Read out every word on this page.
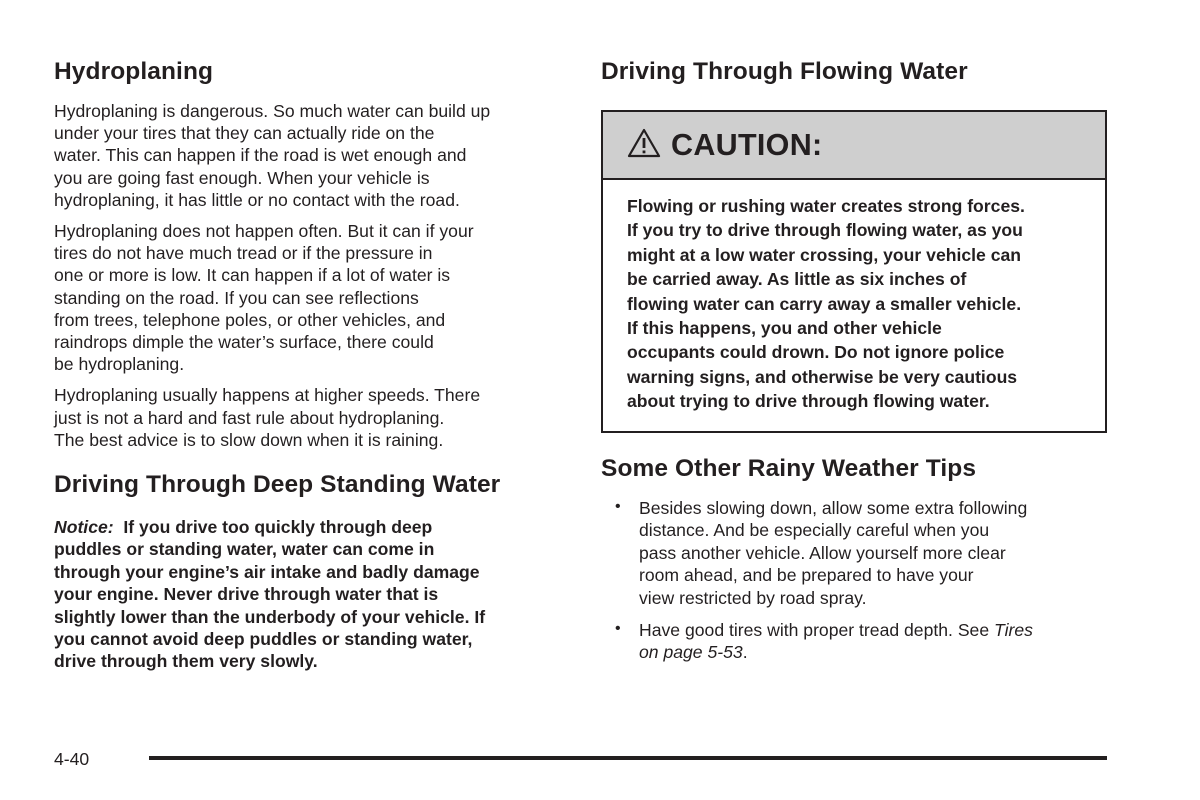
Hydroplaning

Hydroplaning is dangerous. So much water can build up
under your tires that they can actually ride on the
water. This can happen if the road is wet enough and
you are going fast enough. When your vehicle is
hydroplaning, it has little or no contact with the road.

Hydroplaning does not happen often. But it can if your
tires do not have much tread or if the pressure in
one or more is low. It can happen if a lot of water is
standing on the road. If you can see reflections
from trees, telephone poles, or other vehicles, and
raindrops dimple the water’s surface, there could
be hydroplaning.

Hydroplaning usually happens at higher speeds. There
just is not a hard and fast rule about hydroplaning.
The best advice is to slow down when it is raining.

Driving Through Deep Standing Water

Notice: If you drive too quickly through deep
puddles or standing water, water can come in
through your engine’s air intake and badly damage
your engine. Never drive through water that is
slightly lower than the underbody of your vehicle. If
you cannot avoid deep puddles or standing water,
drive through them very slowly.

Driving Through Flowing Water
CAUTION:
Flowing or rushing water creates strong forces.
If you try to drive through flowing water, as you
might at a low water crossing, your vehicle can
be carried away. As little as six inches of
flowing water can carry away a smaller vehicle.
If this happens, you and other vehicle
occupants could drown. Do not ignore police
warning signs, and otherwise be very cautious
about trying to drive through flowing water.
Some Other Rainy Weather Tips
• Besides slowing down, allow some extra following
distance. And be especially careful when you
pass another vehicle. Allow yourself more clear
room ahead, and be prepared to have your
view restricted by road spray.
• Have good tires with proper tread depth. See Tires
on page 5-53.
4-40
